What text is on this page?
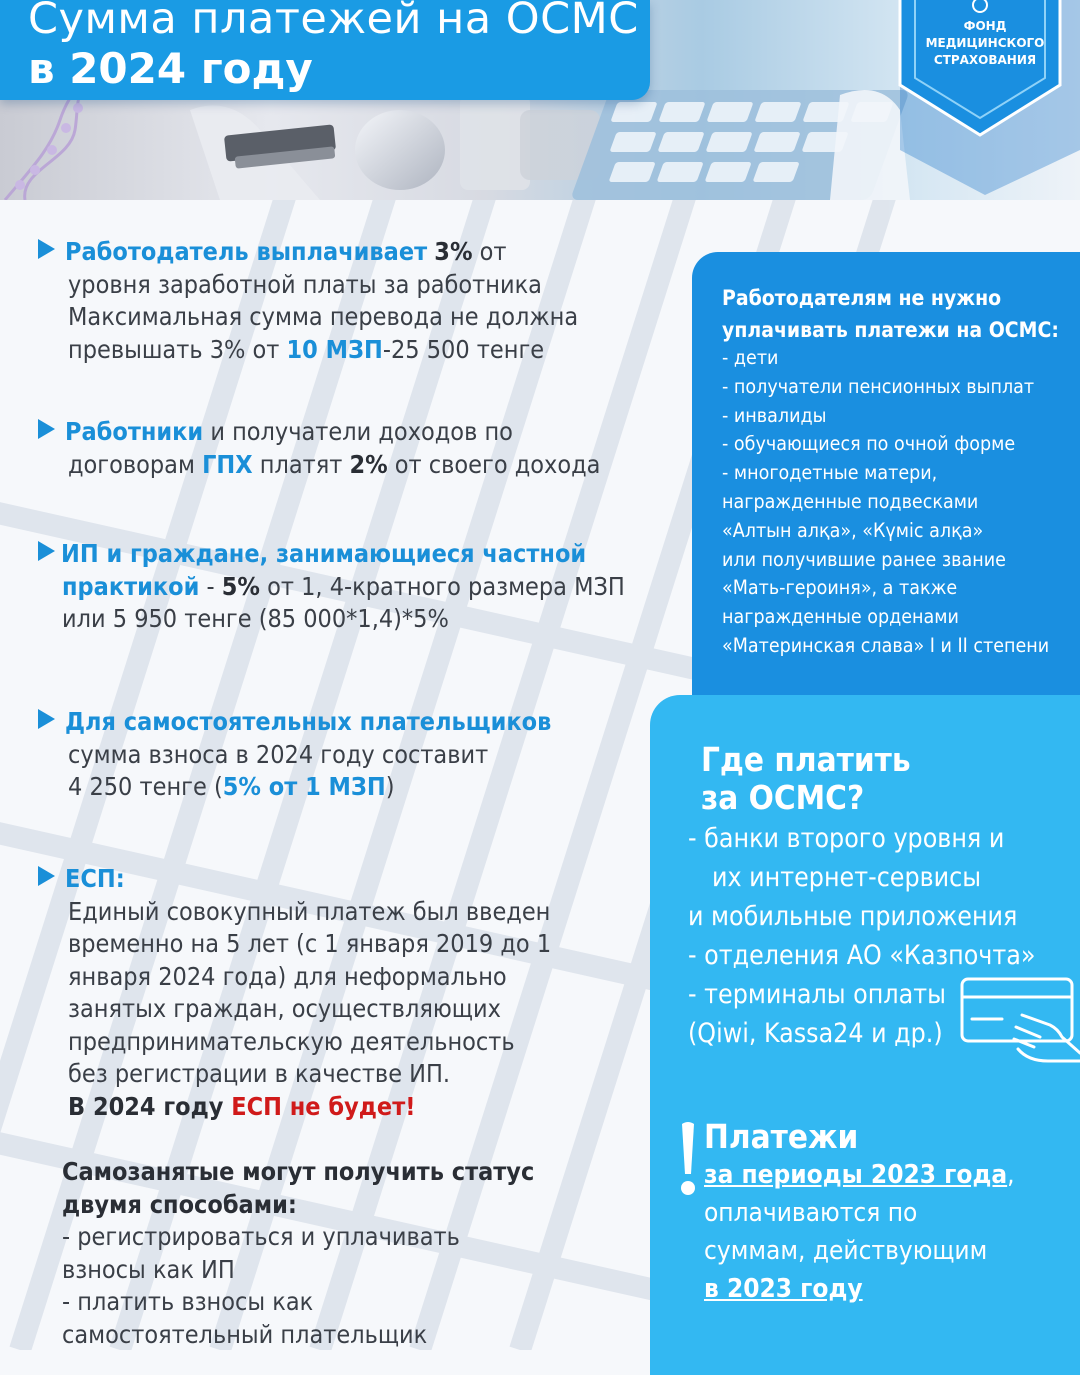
Сумма платежей на ОСМС
в 2024 году
ФОНД
МЕДИЦИНСКОГО
СТРАХОВАНИЯ
Работодатель выплачивает 3% от
уровня заработной платы за работника
Максимальная сумма перевода не должна
превышать 3% от 10 МЗП-25 500 тенге
Работники и получатели доходов по
договорам ГПХ платят 2% от своего дохода
ИП и граждане, занимающиеся частной
практикой - 5% от 1, 4-кратного размера МЗП
или 5 950 тенге (85 000*1,4)*5%
Для самостоятельных плательщиков
сумма взноса в 2024 году составит
4 250 тенге (5% от 1 МЗП)
ЕСП:
Единый совокупный платеж был введен
временно на 5 лет (с 1 января 2019 до 1
января 2024 года) для неформально
занятых граждан, осуществляющих
предпринимательскую деятельность
без регистрации в качестве ИП.
В 2024 году ЕСП не будет!
Самозанятые могут получить статус
двумя способами:
- регистрироваться и уплачивать
взносы как ИП
- платить взносы как
самостоятельный плательщик
Работодателям не нужно
уплачивать платежи на ОСМС:
- дети
- получатели пенсионных выплат
- инвалиды
- обучающиеся по очной форме
- многодетные матери,
награжденные подвесками
«Алтын алқа», «Күміс алқа»
или получившие ранее звание
«Мать-героиня», а также
награжденные орденами
«Материнская слава» I и II степени
Где платить
за ОСМС?
- банки второго уровня и
их интернет-сервисы
и мобильные приложения
- отделения АО «Казпочта»
- терминалы оплаты
(Qiwi, Kassa24 и др.)
Платежи
за периоды 2023 года,
оплачиваются по
суммам, действующим
в 2023 году
